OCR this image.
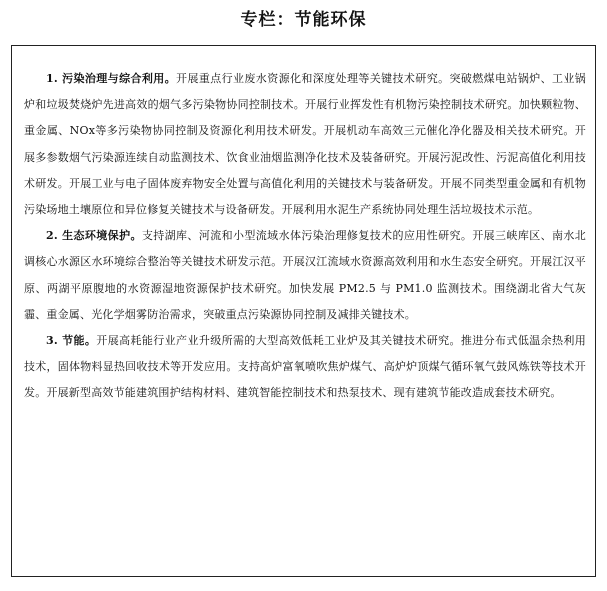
专栏：节能环保

1. 污染治理与综合利用。开展重点行业废水资源化和深度处理等关键技术研究。突破燃煤电站锅炉、工业锅炉和垃圾焚烧炉先进高效的烟气多污染物协同控制技术。开展行业挥发性有机物污染控制技术研究。加快颗粒物、重金属、NOx等多污染物协同控制及资源化利用技术研发。开展机动车高效三元催化净化器及相关技术研究。开展多参数烟气污染源连续自动监测技术、饮食业油烟监测净化技术及装备研究。开展污泥改性、污泥高值化利用技术研发。开展工业与电子固体废弃物安全处置与高值化利用的关键技术与装备研发。开展不同类型重金属和有机物污染场地土壤原位和异位修复关键技术与设备研发。开展利用水泥生产系统协同处理生活垃圾技术示范。

2. 生态环境保护。支持湖库、河流和小型流域水体污染治理修复技术的应用性研究。开展三峡库区、南水北调核心水源区水环境综合整治等关键技术研发示范。开展汉江流域水资源高效利用和水生态安全研究。开展江汉平原、两湖平原腹地的水资源湿地资源保护技术研究。加快发展 PM2.5 与 PM1.0 监测技术。围绕湖北省大气灰霾、重金属、光化学烟雾防治需求，突破重点污染源协同控制及减排关键技术。

3. 节能。开展高耗能行业产业升级所需的大型高效低耗工业炉及其关键技术研究。推进分布式低温余热利用技术，固体物料显热回收技术等开发应用。支持高炉富氧喷吹焦炉煤气、高炉炉顶煤气循环氧气鼓风炼铁等技术开发。开展新型高效节能建筑围护结构材料、建筑智能控制技术和热泵技术、现有建筑节能改造成套技术研究。
